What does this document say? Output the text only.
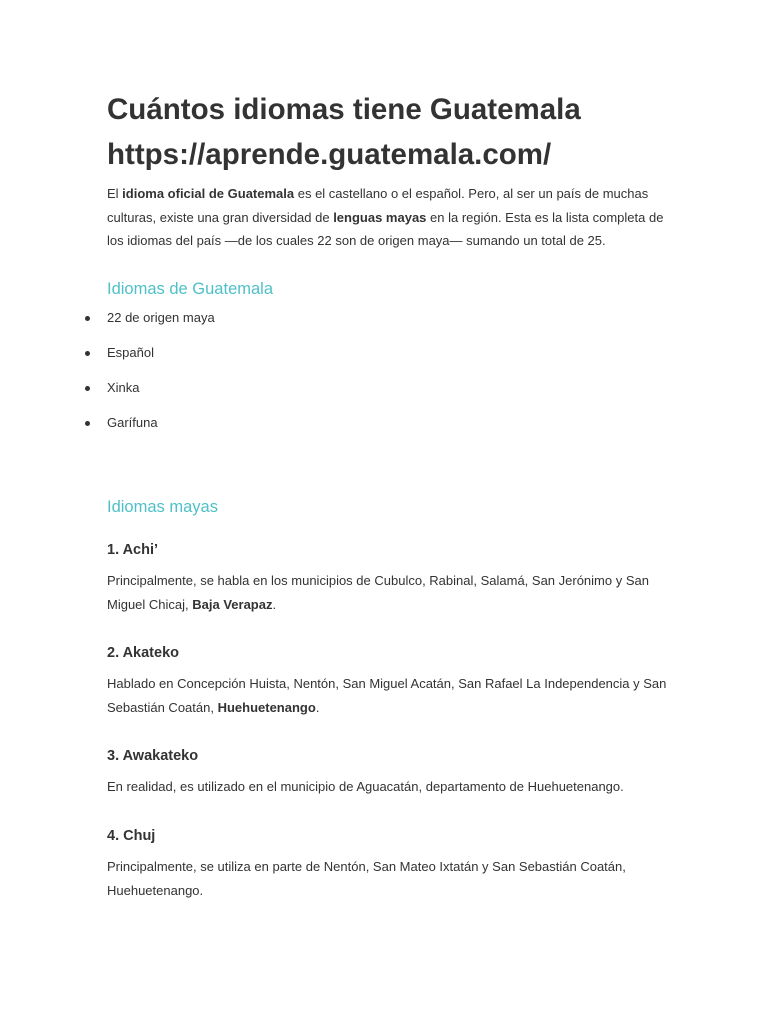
Cuántos idiomas tiene Guatemala
https://aprende.guatemala.com/

El idioma oficial de Guatemala es el castellano o el español. Pero, al ser un país de muchas culturas, existe una gran diversidad de lenguas mayas en la región. Esta es la lista completa de los idiomas del país —de los cuales 22 son de origen maya— sumando un total de 25.

Idiomas de Guatemala
22 de origen maya
Español
Xinka
Garífuna
Idiomas mayas
1. Achi’

Principalmente, se habla en los municipios de Cubulco, Rabinal, Salamá, San Jerónimo y San Miguel Chicaj, Baja Verapaz.

2. Akateko

Hablado en Concepción Huista, Nentón, San Miguel Acatán, San Rafael La Independencia y San Sebastián Coatán, Huehuetenango.

3. Awakateko

En realidad, es utilizado en el municipio de Aguacatán, departamento de Huehuetenango.

4. Chuj

Principalmente, se utiliza en parte de Nentón, San Mateo Ixtatán y San Sebastián Coatán, Huehuetenango.
